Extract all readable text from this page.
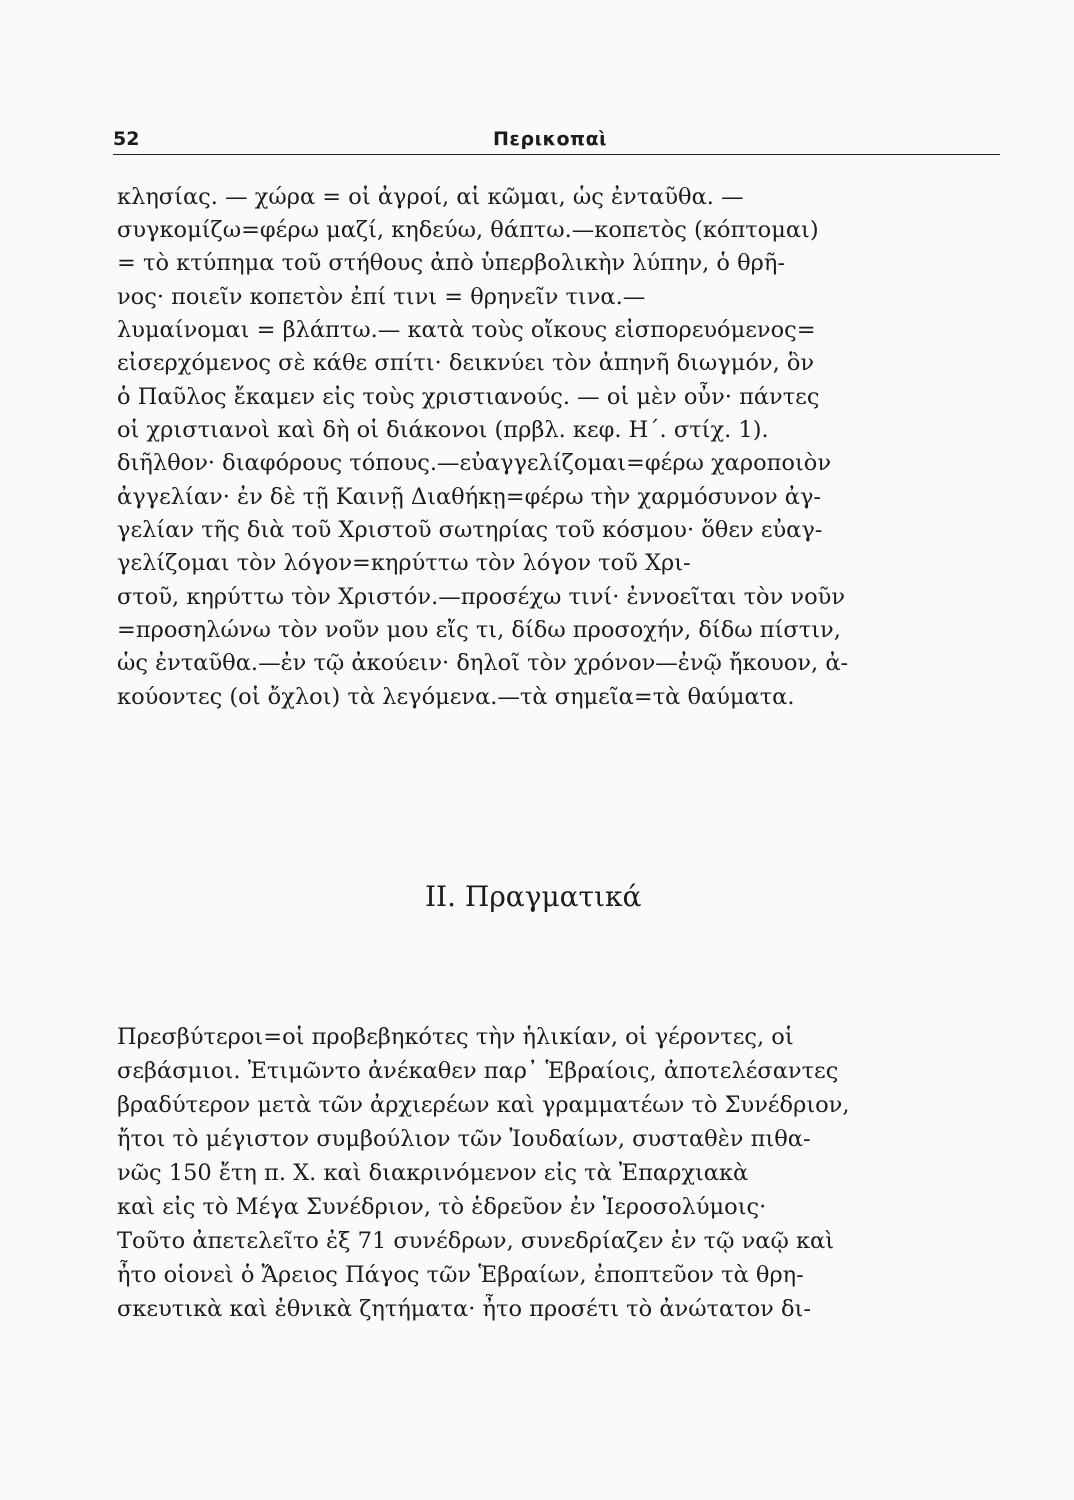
52	Περικοπαὶ
κλησίας. — χώρα = οἱ ἀγροί, αἱ κῶμαι, ὡς ἐνταῦθα. —
συγκομίζω=φέρω μαζί, κηδεύω, θάπτω.—κοπετὸς (κόπτομαι)
= τὸ κτύπημα τοῦ στήθους ἀπὸ ὑπερβολικὴν λύπην, ὁ θρῆ-
νος· ποιεῖν κοπετὸν ἐπί τινι = θρηνεῖν τινα.—
λυμαίνομαι = βλάπτω.— κατὰ τοὺς οἴκους εἰσπορευόμενος=
εἰσερχόμενος σὲ κάθε σπίτι· δεικνύει τὸν ἀπηνῆ διωγμόν, ὃν
ὁ Παῦλος ἔκαμεν εἰς τοὺς χριστιανούς. — οἱ μὲν οὖν· πάντες
οἱ χριστιανοὶ καὶ δὴ οἱ διάκονοι (πρβλ. κεφ. Η΄. στίχ. 1).
διῆλθον· διαφόρους τόπους.—εὐαγγελίζομαι=φέρω χαροποιὸν
ἀγγελίαν· ἐν δὲ τῇ Καινῇ Διαθήκῃ=φέρω τὴν χαρμόσυνον ἀγ-
γελίαν τῆς διὰ τοῦ Χριστοῦ σωτηρίας τοῦ κόσμου· ὅθεν εὐαγ-
γελίζομαι τὸν λόγον=κηρύττω τὸν λόγον τοῦ Χρι-
στοῦ, κηρύττω τὸν Χριστόν.—προσέχω τινί· ἐννοεῖται τὸν νοῦν
=προσηλώνω τὸν νοῦν μου εἴς τι, δίδω προσοχήν, δίδω πίστιν,
ὡς ἐνταῦθα.—ἐν τῷ ἀκούειν· δηλοῖ τὸν χρόνον—ἐνῷ ἤκουον, ἀ-
κούοντες (οἱ ὄχλοι) τὰ λεγόμενα.—τὰ σημεῖα=τὰ θαύματα.
ΙΙ. Πραγματικά
Πρεσβύτεροι=οἱ προβεβηκότες τὴν ἡλικίαν, οἱ γέροντες, οἱ
σεβάσμιοι. Ἐτιμῶντο ἀνέκαθεν παρ᾽ Ἑβραίοις, ἀποτελέσαντες
βραδύτερον μετὰ τῶν ἀρχιερέων καὶ γραμματέων τὸ Συνέδριον,
ἤτοι τὸ μέγιστον συμβούλιον τῶν Ἰουδαίων, συσταθὲν πιθα-
νῶς 150 ἔτη π. Χ. καὶ διακρινόμενον εἰς τὰ Ἐπαρχιακὰ
καὶ εἰς τὸ Μέγα Συνέδριον, τὸ ἑδρεῦον ἐν Ἱεροσολύμοις·
Τοῦτο ἀπετελεῖτο ἐξ 71 συνέδρων, συνεδρίαζεν ἐν τῷ ναῷ καὶ
ἦτο οἱονεὶ ὁ Ἄρειος Πάγος τῶν Ἑβραίων, ἐποπτεῦον τὰ θρη-
σκευτικὰ καὶ ἐθνικὰ ζητήματα· ἦτο προσέτι τὸ ἀνώτατον δι-
